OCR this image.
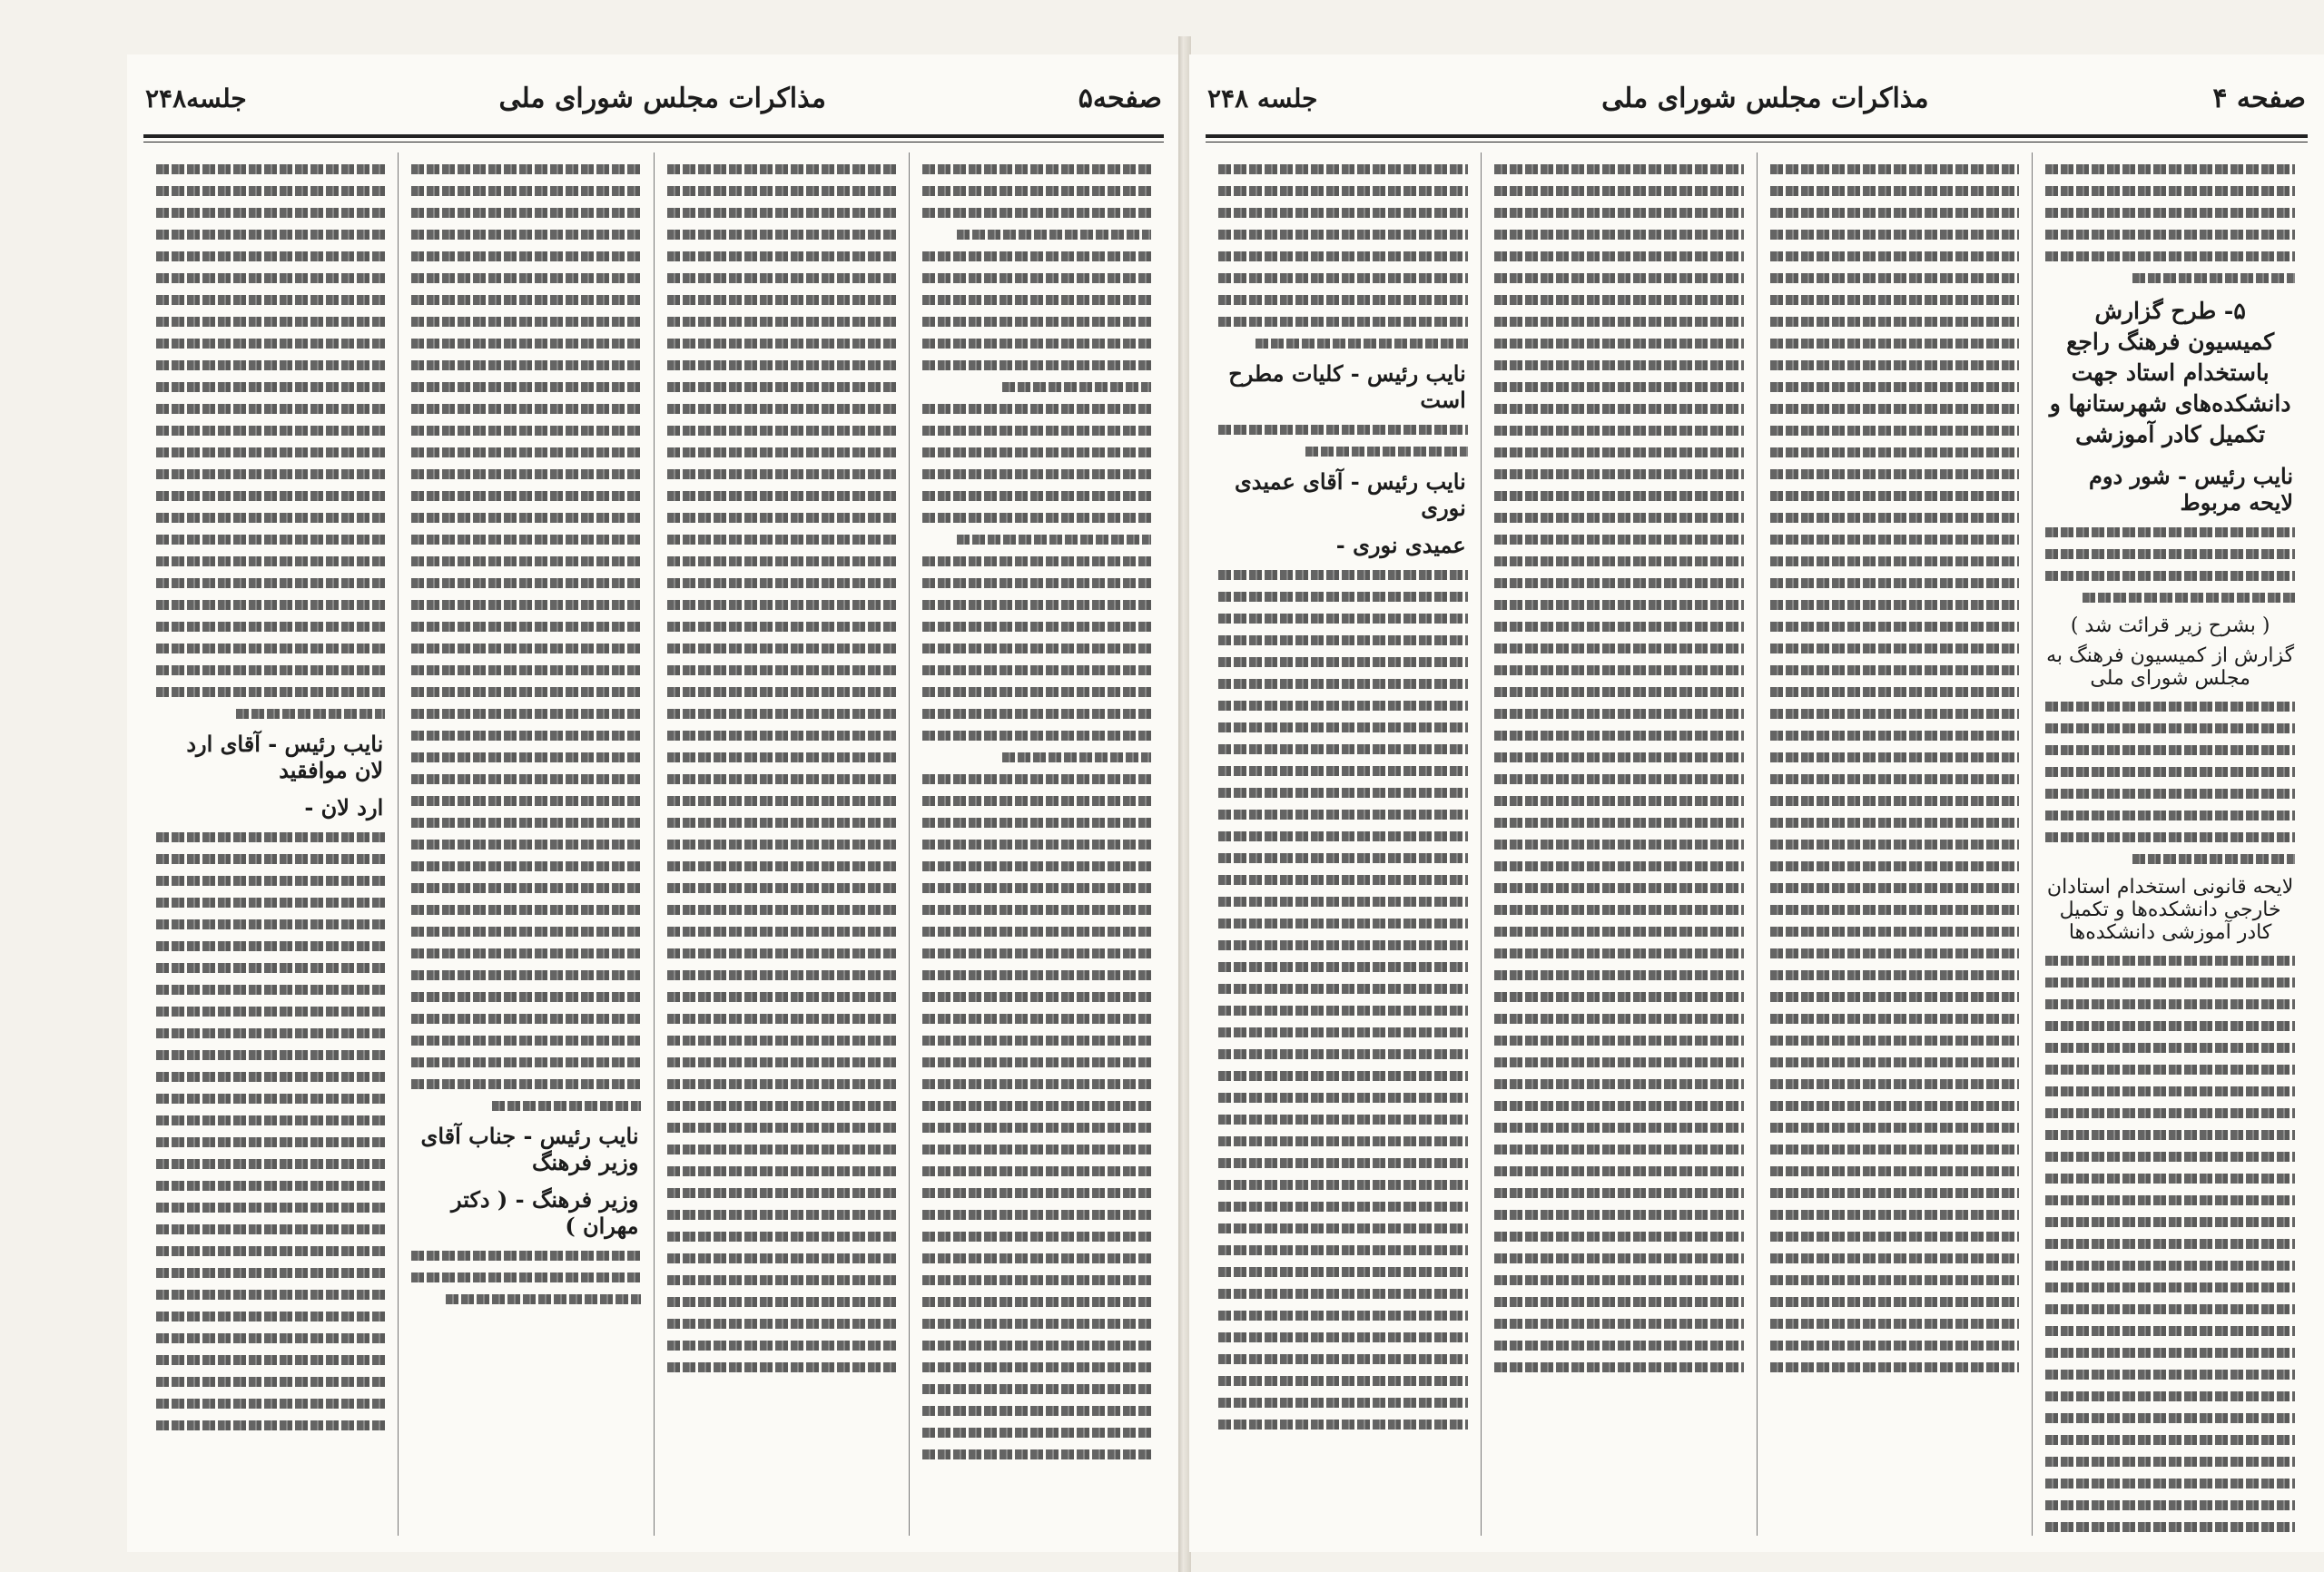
صفحه۵
مذاکرات مجلس شورای ملی
جلسه۲۴۸
نایب رئیس - جناب آقای وزیر فرهنگ
وزیر فرهنگ - ( دکتر مهران )
نایب رئیس - آقای ارد لان موافقید
ارد لان -
صفحه ۴
مذاکرات مجلس شورای ملی
جلسه ۲۴۸
۵- طرح گزارش کمیسیون فرهنگ راجع باستخدام استاد جهت دانشکده‌های شهرستانها و تکمیل کادر آموزشی
نایب رئیس - شور دوم لایحه مربوط
( بشرح زیر قرائت شد )
گزارش از کمیسیون فرهنگ به مجلس شورای ملی
لایحه قانونی استخدام استادان خارجی دانشکده‌ها و تکمیل کادر آموزشی دانشکده‌ها
نایب رئیس - کلیات مطرح است
نایب رئیس - آقای عمیدی نوری
عمیدی نوری -
